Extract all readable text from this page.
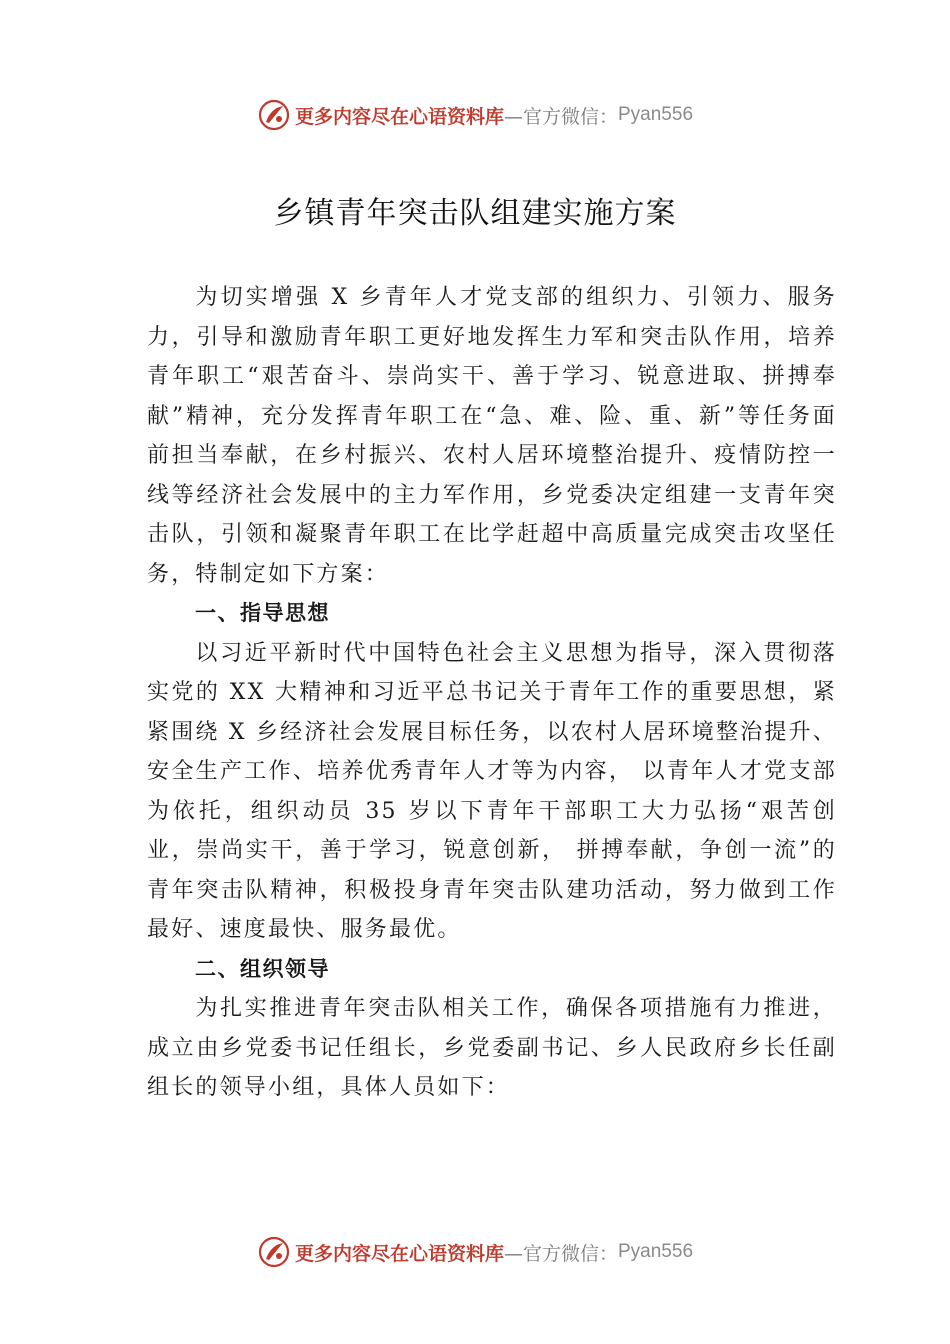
更多内容尽在心语资料库 —官方微信： Pyan556
乡镇青年突击队组建实施方案

为切实增强 X 乡青年人才党支部的组织力、引领力、服务力，引导和激励青年职工更好地发挥生力军和突击队作用，培养青年职工“艰苦奋斗、崇尚实干、善于学习、锐意进取、拼搏奉献”精神，充分发挥青年职工在“急、难、险、重、新”等任务面前担当奉献，在乡村振兴、农村人居环境整治提升、疫情防控一线等经济社会发展中的主力军作用，乡党委决定组建一支青年突击队，引领和凝聚青年职工在比学赶超中高质量完成突击攻坚任务，特制定如下方案：

一、指导思想

以习近平新时代中国特色社会主义思想为指导，深入贯彻落实党的 XX 大精神和习近平总书记关于青年工作的重要思想，紧紧围绕 X 乡经济社会发展目标任务，以农村人居环境整治提升、安全生产工作、培养优秀青年人才等为内容， 以青年人才党支部为依托，组织动员 35 岁以下青年干部职工大力弘扬“艰苦创业，崇尚实干，善于学习，锐意创新， 拼搏奉献，争创一流”的青年突击队精神，积极投身青年突击队建功活动，努力做到工作最好、速度最快、服务最优。

二、组织领导

为扎实推进青年突击队相关工作，确保各项措施有力推进，成立由乡党委书记任组长，乡党委副书记、乡人民政府乡长任副组长的领导小组，具体人员如下：

更多内容尽在心语资料库 —官方微信： Pyan556
